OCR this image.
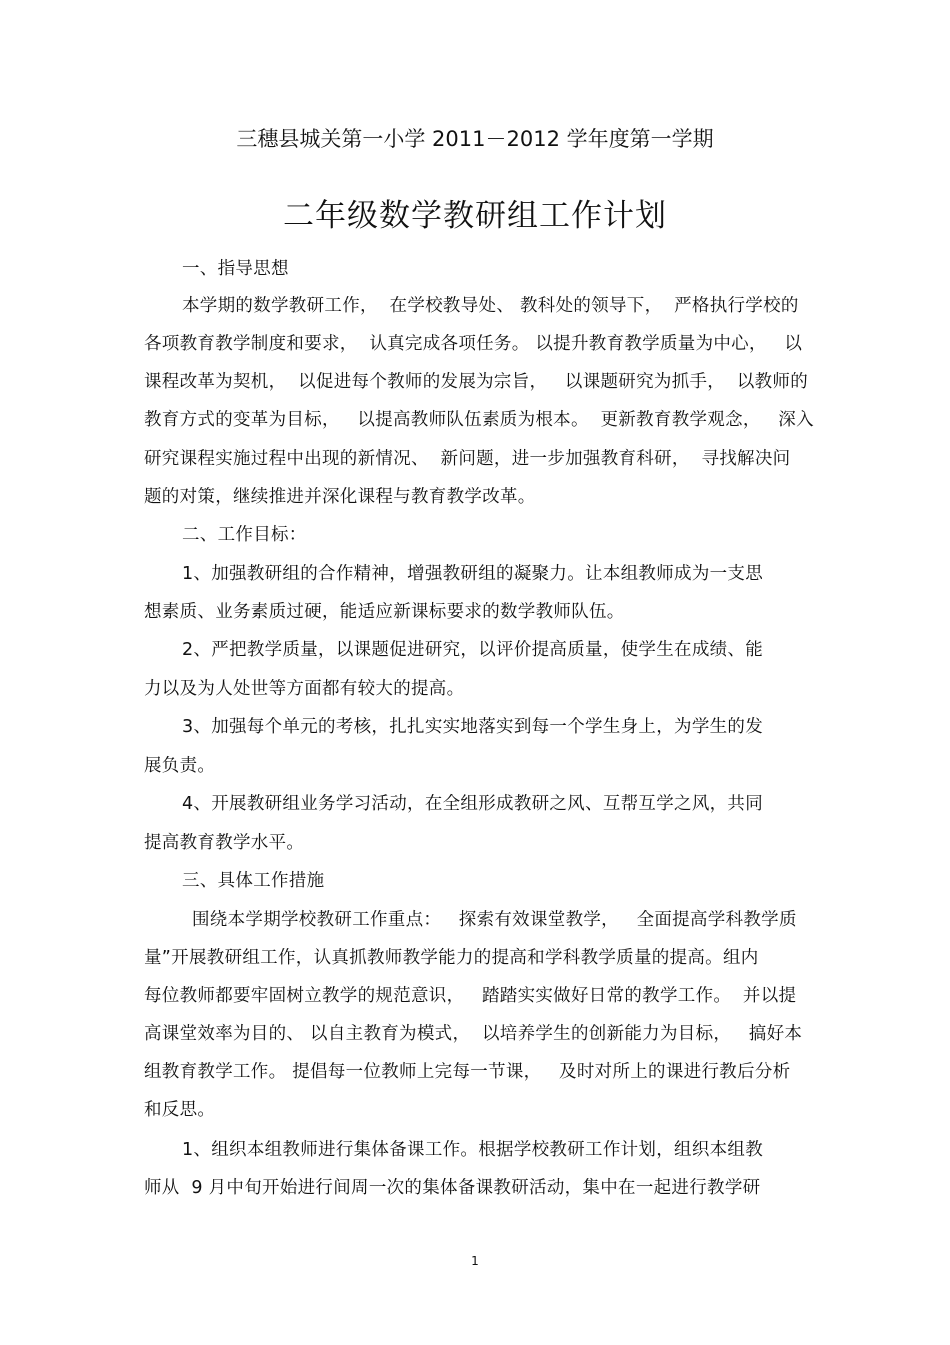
三穗县城关第一小学 2011－2012 学年度第一学期
二年级数学教研组工作计划
一、指导思想
本学期的数学教研工作，  在学校教导处、 教科处的领导下，  严格执行学校的
各项教育教学制度和要求，  认真完成各项任务。 以提升教育教学质量为中心，   以
课程改革为契机，  以促进每个教师的发展为宗旨，   以课题研究为抓手，  以教师的
教育方式的变革为目标，   以提高教师队伍素质为根本。  更新教育教学观念，   深入
研究课程实施过程中出现的新情况、  新问题，进一步加强教育科研，  寻找解决问
题的对策，继续推进并深化课程与教育教学改革。
二、工作目标：
1、加强教研组的合作精神，增强教研组的凝聚力。让本组教师成为一支思
想素质、业务素质过硬，能适应新课标要求的数学教师队伍。
2、严把教学质量，以课题促进研究，以评价提高质量，使学生在成绩、能
力以及为人处世等方面都有较大的提高。
3、加强每个单元的考核，扎扎实实地落实到每一个学生身上，为学生的发
展负责。
4、开展教研组业务学习活动，在全组形成教研之风、互帮互学之风，共同
提高教育教学水平。
三、具体工作措施
围绕本学期学校教研工作重点：   探索有效课堂教学，   全面提高学科教学质
量”开展教研组工作，认真抓教师教学能力的提高和学科教学质量的提高。组内
每位教师都要牢固树立教学的规范意识，   踏踏实实做好日常的教学工作。  并以提
高课堂效率为目的、 以自主教育为模式，  以培养学生的创新能力为目标，   搞好本
组教育教学工作。 提倡每一位教师上完每一节课，   及时对所上的课进行教后分析
和反思。
1、组织本组教师进行集体备课工作。根据学校教研工作计划，组织本组教
师从  9 月中旬开始进行间周一次的集体备课教研活动，集中在一起进行教学研
1
